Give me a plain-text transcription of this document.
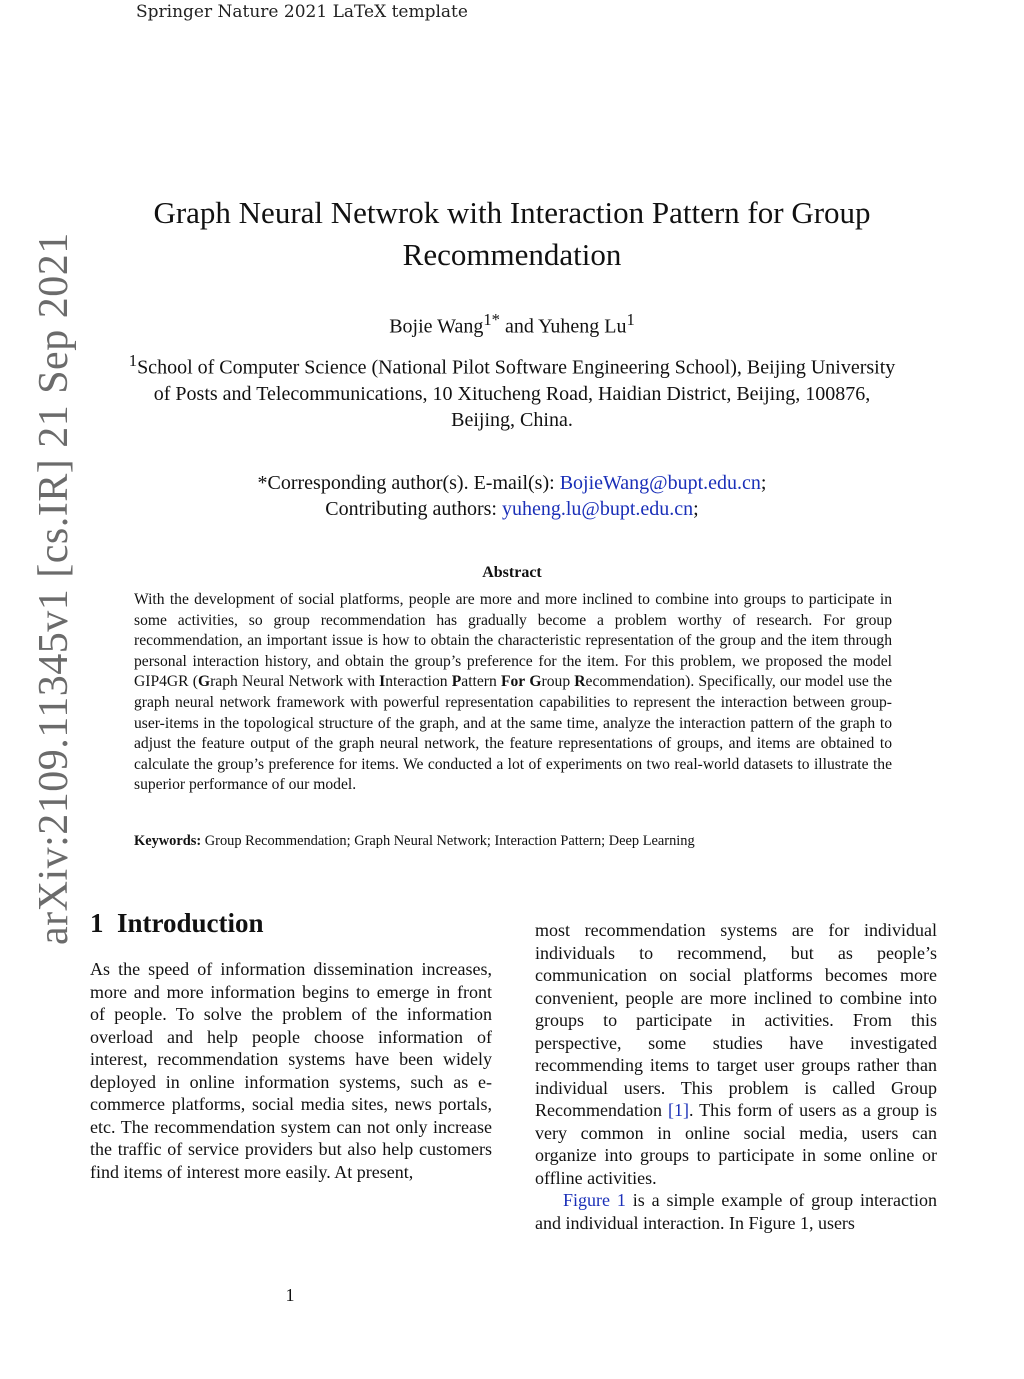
Springer Nature 2021 LaTeX template
arXiv:2109.11345v1 [cs.IR] 21 Sep 2021
Graph Neural Netwrok with Interaction Pattern for Group
Recommendation
Bojie Wang$^{1*}$ and Yuheng Lu$^1$
$^1$School of Computer Science (National Pilot Software Engineering School), Beijing University of Posts and Telecommunications, 10 Xitucheng Road, Haidian District, Beijing, 100876, Beijing, China.
*Corresponding author(s). E-mail(s): BojieWang@bupt.edu.cn;
Contributing authors: yuheng.lu@bupt.edu.cn;
Abstract
With the development of social platforms, people are more and more inclined to combine into groups to participate in some activities, so group recommendation has gradually become a problem worthy of research. For group recommendation, an important issue is how to obtain the characteristic representation of the group and the item through personal interaction history, and obtain the group’s preference for the item. For this problem, we proposed the model GIP4GR (Graph Neural Network with Interaction Pattern For Group Recommendation). Specifically, our model use the graph neural network framework with powerful representation capabilities to represent the interaction between group-user-items in the topological structure of the graph, and at the same time, analyze the interaction pattern of the graph to adjust the feature output of the graph neural network, the feature representations of groups, and items are obtained to calculate the group’s preference for items. We conducted a lot of experiments on two real-world datasets to illustrate the superior performance of our model.
Keywords: Group Recommendation; Graph Neural Network; Interaction Pattern; Deep Learning
1  Introduction

As the speed of information dissemination increases, more and more information begins to emerge in front of people. To solve the problem of the information overload and help people choose information of interest, recommendation systems have been widely deployed in online information systems, such as e-commerce platforms, social media sites, news portals, etc. The recommendation system can not only increase the traffic of service providers but also help customers find items of interest more easily. At present,

most recommendation systems are for individual individuals to recommend, but as people’s communication on social platforms becomes more convenient, people are more inclined to combine into groups to participate in activities. From this perspective, some studies have investigated recommending items to target user groups rather than individual users. This problem is called Group Recommendation [1]. This form of users as a group is very common in online social media, users can organize into groups to participate in some online or offline activities.

Figure 1 is a simple example of group interaction and individual interaction. In Figure 1, users

1
